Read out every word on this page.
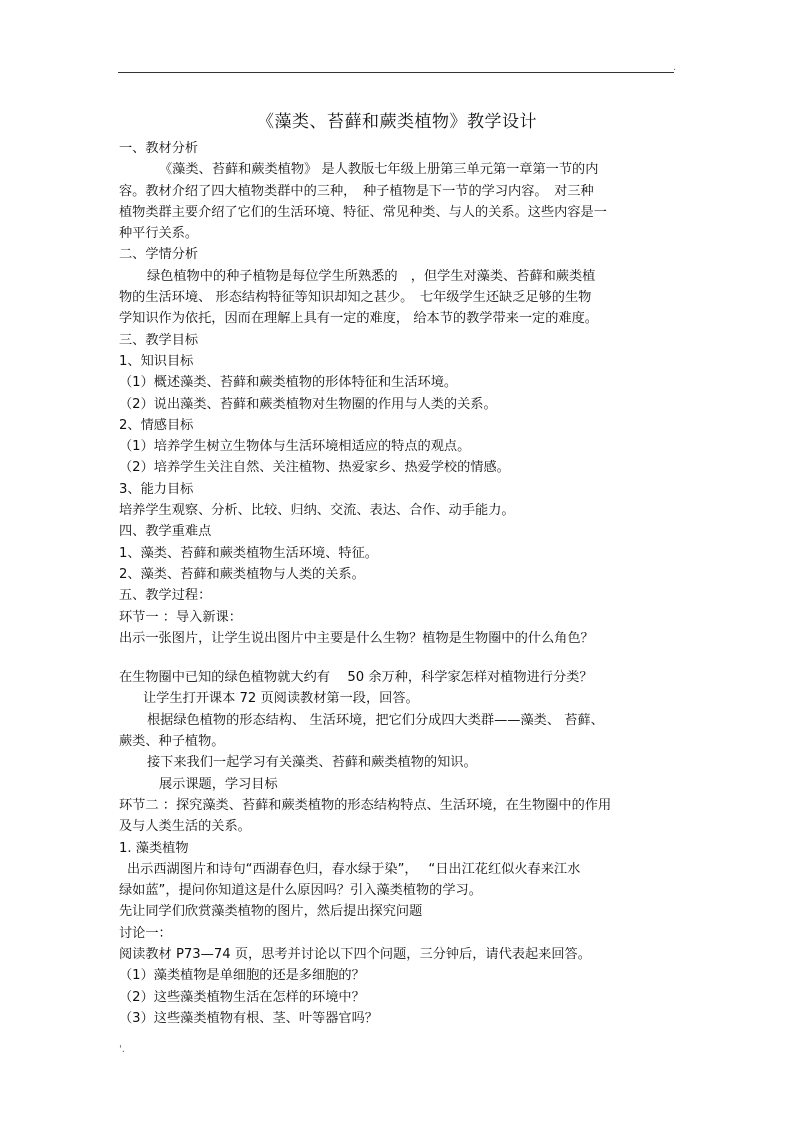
.
《藻类、苔藓和蕨类植物》教学设计
一、教材分析
《藻类、苔藓和蕨类植物》 是人教版七年级上册第三单元第一章第一节的内
容。教材介绍了四大植物类群中的三种，　种子植物是下一节的学习内容。　对三种
植物类群主要介绍了它们的生活环境、特征、常见种类、与人的关系。这些内容是一
种平行关系。
二、学情分析
绿色植物中的种子植物是每位学生所熟悉的　，但学生对藻类、苔藓和蕨类植
物的生活环境、 形态结构特征等知识却知之甚少。　七年级学生还缺乏足够的生物
学知识作为依托，因而在理解上具有一定的难度， 给本节的教学带来一定的难度。
三、教学目标
1、知识目标
（1）概述藻类、苔藓和蕨类植物的形体特征和生活环境。
（2）说出藻类、苔藓和蕨类植物对生物圈的作用与人类的关系。
2、情感目标
（1）培养学生树立生物体与生活环境相适应的特点的观点。
（2）培养学生关注自然、关注植物、热爱家乡、热爱学校的情感。
3、能力目标
培养学生观察、分析、比较、归纳、交流、表达、合作、动手能力。
四、教学重难点
1、藻类、苔藓和蕨类植物生活环境、特征。
2、藻类、苔藓和蕨类植物与人类的关系。
五、教学过程：
环节一 ：导入新课：
出示一张图片，让学生说出图片中主要是什么生物？植物是生物圈中的什么角色？
在生物圈中已知的绿色植物就大约有　 50 余万种，科学家怎样对植物进行分类？
让学生打开课本 72 页阅读教材第一段，回答。
根据绿色植物的形态结构、 生活环境，把它们分成四大类群——藻类、 苔藓、
蕨类、种子植物。
接下来我们一起学习有关藻类、苔藓和蕨类植物的知识。
展示课题，学习目标
环节二 ：探究藻类、苔藓和蕨类植物的形态结构特点、生活环境，在生物圈中的作用
及与人类生活的关系。
1. 藻类植物
出示西湖图片和诗句“西湖春色归，春水绿于染”，　 “日出江花红似火春来江水
绿如蓝”，提问你知道这是什么原因吗？引入藻类植物的学习。
先让同学们欣赏藻类植物的图片，然后提出探究问题
讨论一：
阅读教材 P73—74 页，思考并讨论以下四个问题，三分钟后，请代表起来回答。
（1）藻类植物是单细胞的还是多细胞的？
（2）这些藻类植物生活在怎样的环境中？
（3）这些藻类植物有根、茎、叶等器官吗？
'.
